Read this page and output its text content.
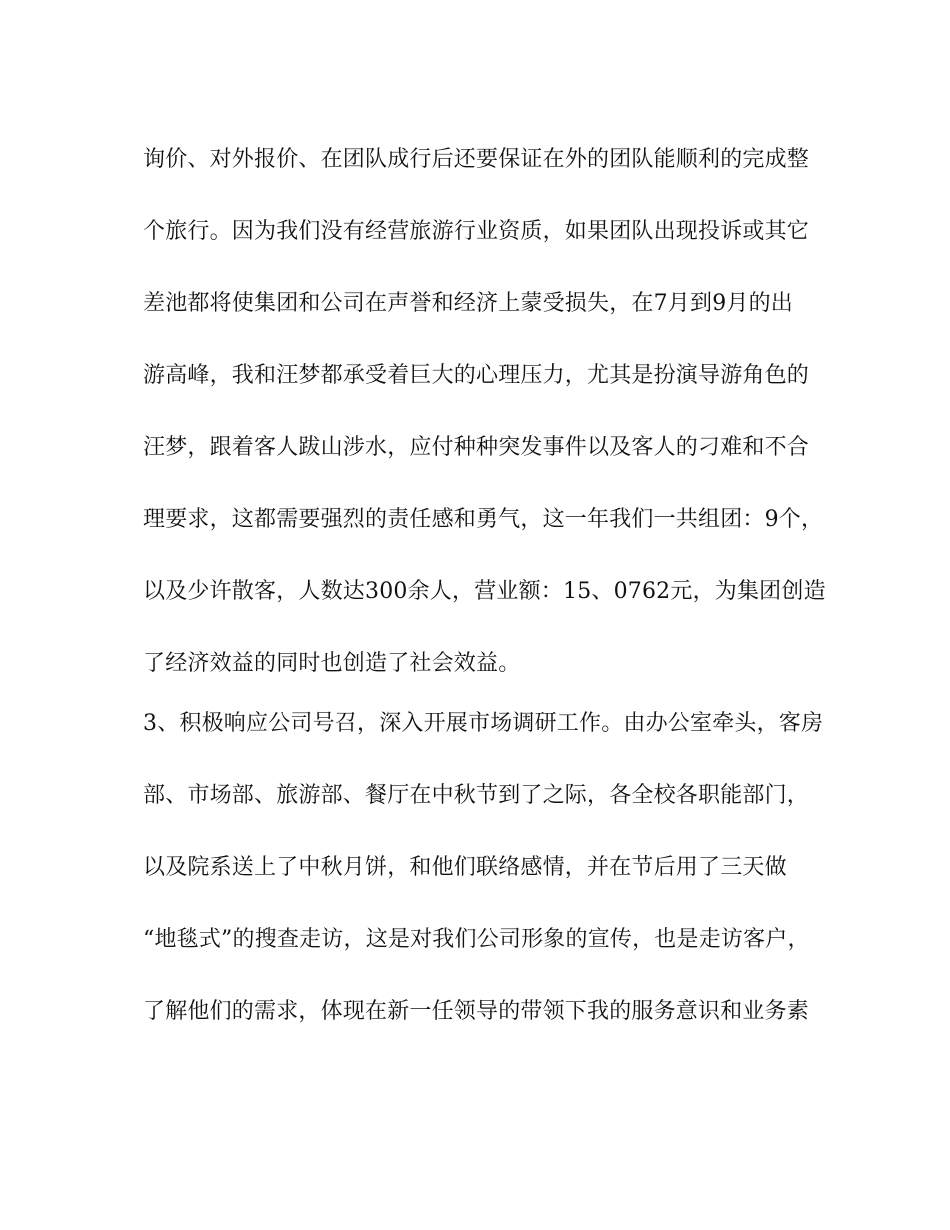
询价、对外报价、在团队成行后还要保证在外的团队能顺利的完成整
个旅行。因为我们没有经营旅游行业资质，如果团队出现投诉或其它
差池都将使集团和公司在声誉和经济上蒙受损失，在7月到9月的出
游高峰，我和汪梦都承受着巨大的心理压力，尤其是扮演导游角色的
汪梦，跟着客人跋山涉水，应付种种突发事件以及客人的刁难和不合
理要求，这都需要强烈的责任感和勇气，这一年我们一共组团：9个，
以及少许散客，人数达300余人，营业额：15、0762元，为集团创造
了经济效益的同时也创造了社会效益。
3、积极响应公司号召，深入开展市场调研工作。由办公室牵头，客房
部、市场部、旅游部、餐厅在中秋节到了之际，各全校各职能部门，
以及院系送上了中秋月饼，和他们联络感情，并在节后用了三天做
“地毯式”的搜查走访，这是对我们公司形象的宣传，也是走访客户，
了解他们的需求，体现在新一任领导的带领下我的服务意识和业务素
